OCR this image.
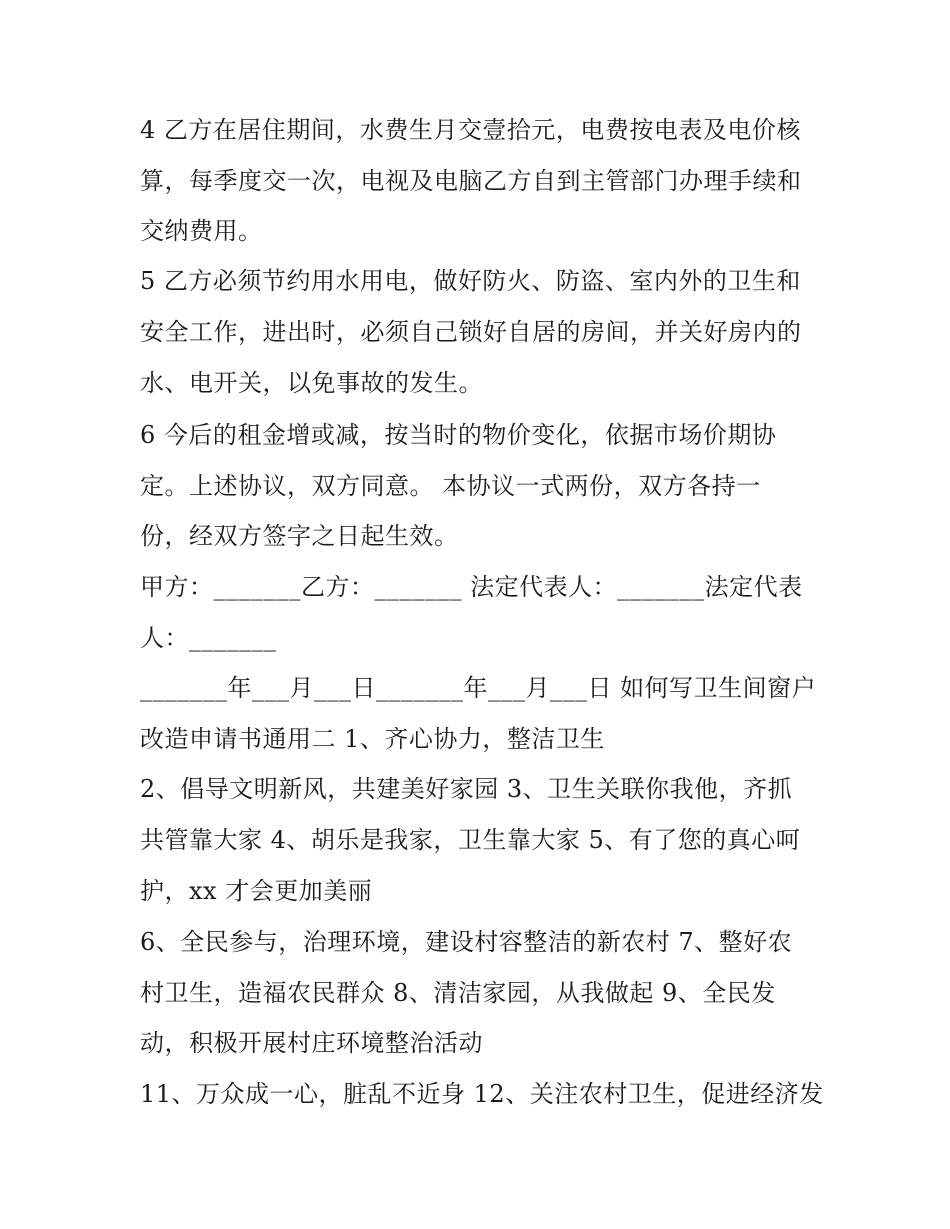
4 乙方在居住期间，水费生月交壹拾元，电费按电表及电价核
算，每季度交一次，电视及电脑乙方自到主管部门办理手续和
交纳费用。
5 乙方必须节约用水用电，做好防火、防盗、室内外的卫生和
安全工作，进出时，必须自己锁好自居的房间，并关好房内的
水、电开关，以免事故的发生。
6 今后的租金增或减，按当时的物价变化，依据市场价期协
定。上述协议，双方同意。 本协议一式两份，双方各持一
份，经双方签字之日起生效。
甲方：_______乙方：_______ 法定代表人：_______法定代表
人：_______
_______年___月___日_______年___月___日 如何写卫生间窗户
改造申请书通用二 1、齐心协力，整洁卫生
2、倡导文明新风，共建美好家园 3、卫生关联你我他，齐抓
共管靠大家 4、胡乐是我家，卫生靠大家 5、有了您的真心呵
护，xx 才会更加美丽
6、全民参与，治理环境，建设村容整洁的新农村 7、整好农
村卫生，造福农民群众 8、清洁家园，从我做起 9、全民发
动，积极开展村庄环境整治活动
11、万众成一心，脏乱不近身 12、关注农村卫生，促进经济发
